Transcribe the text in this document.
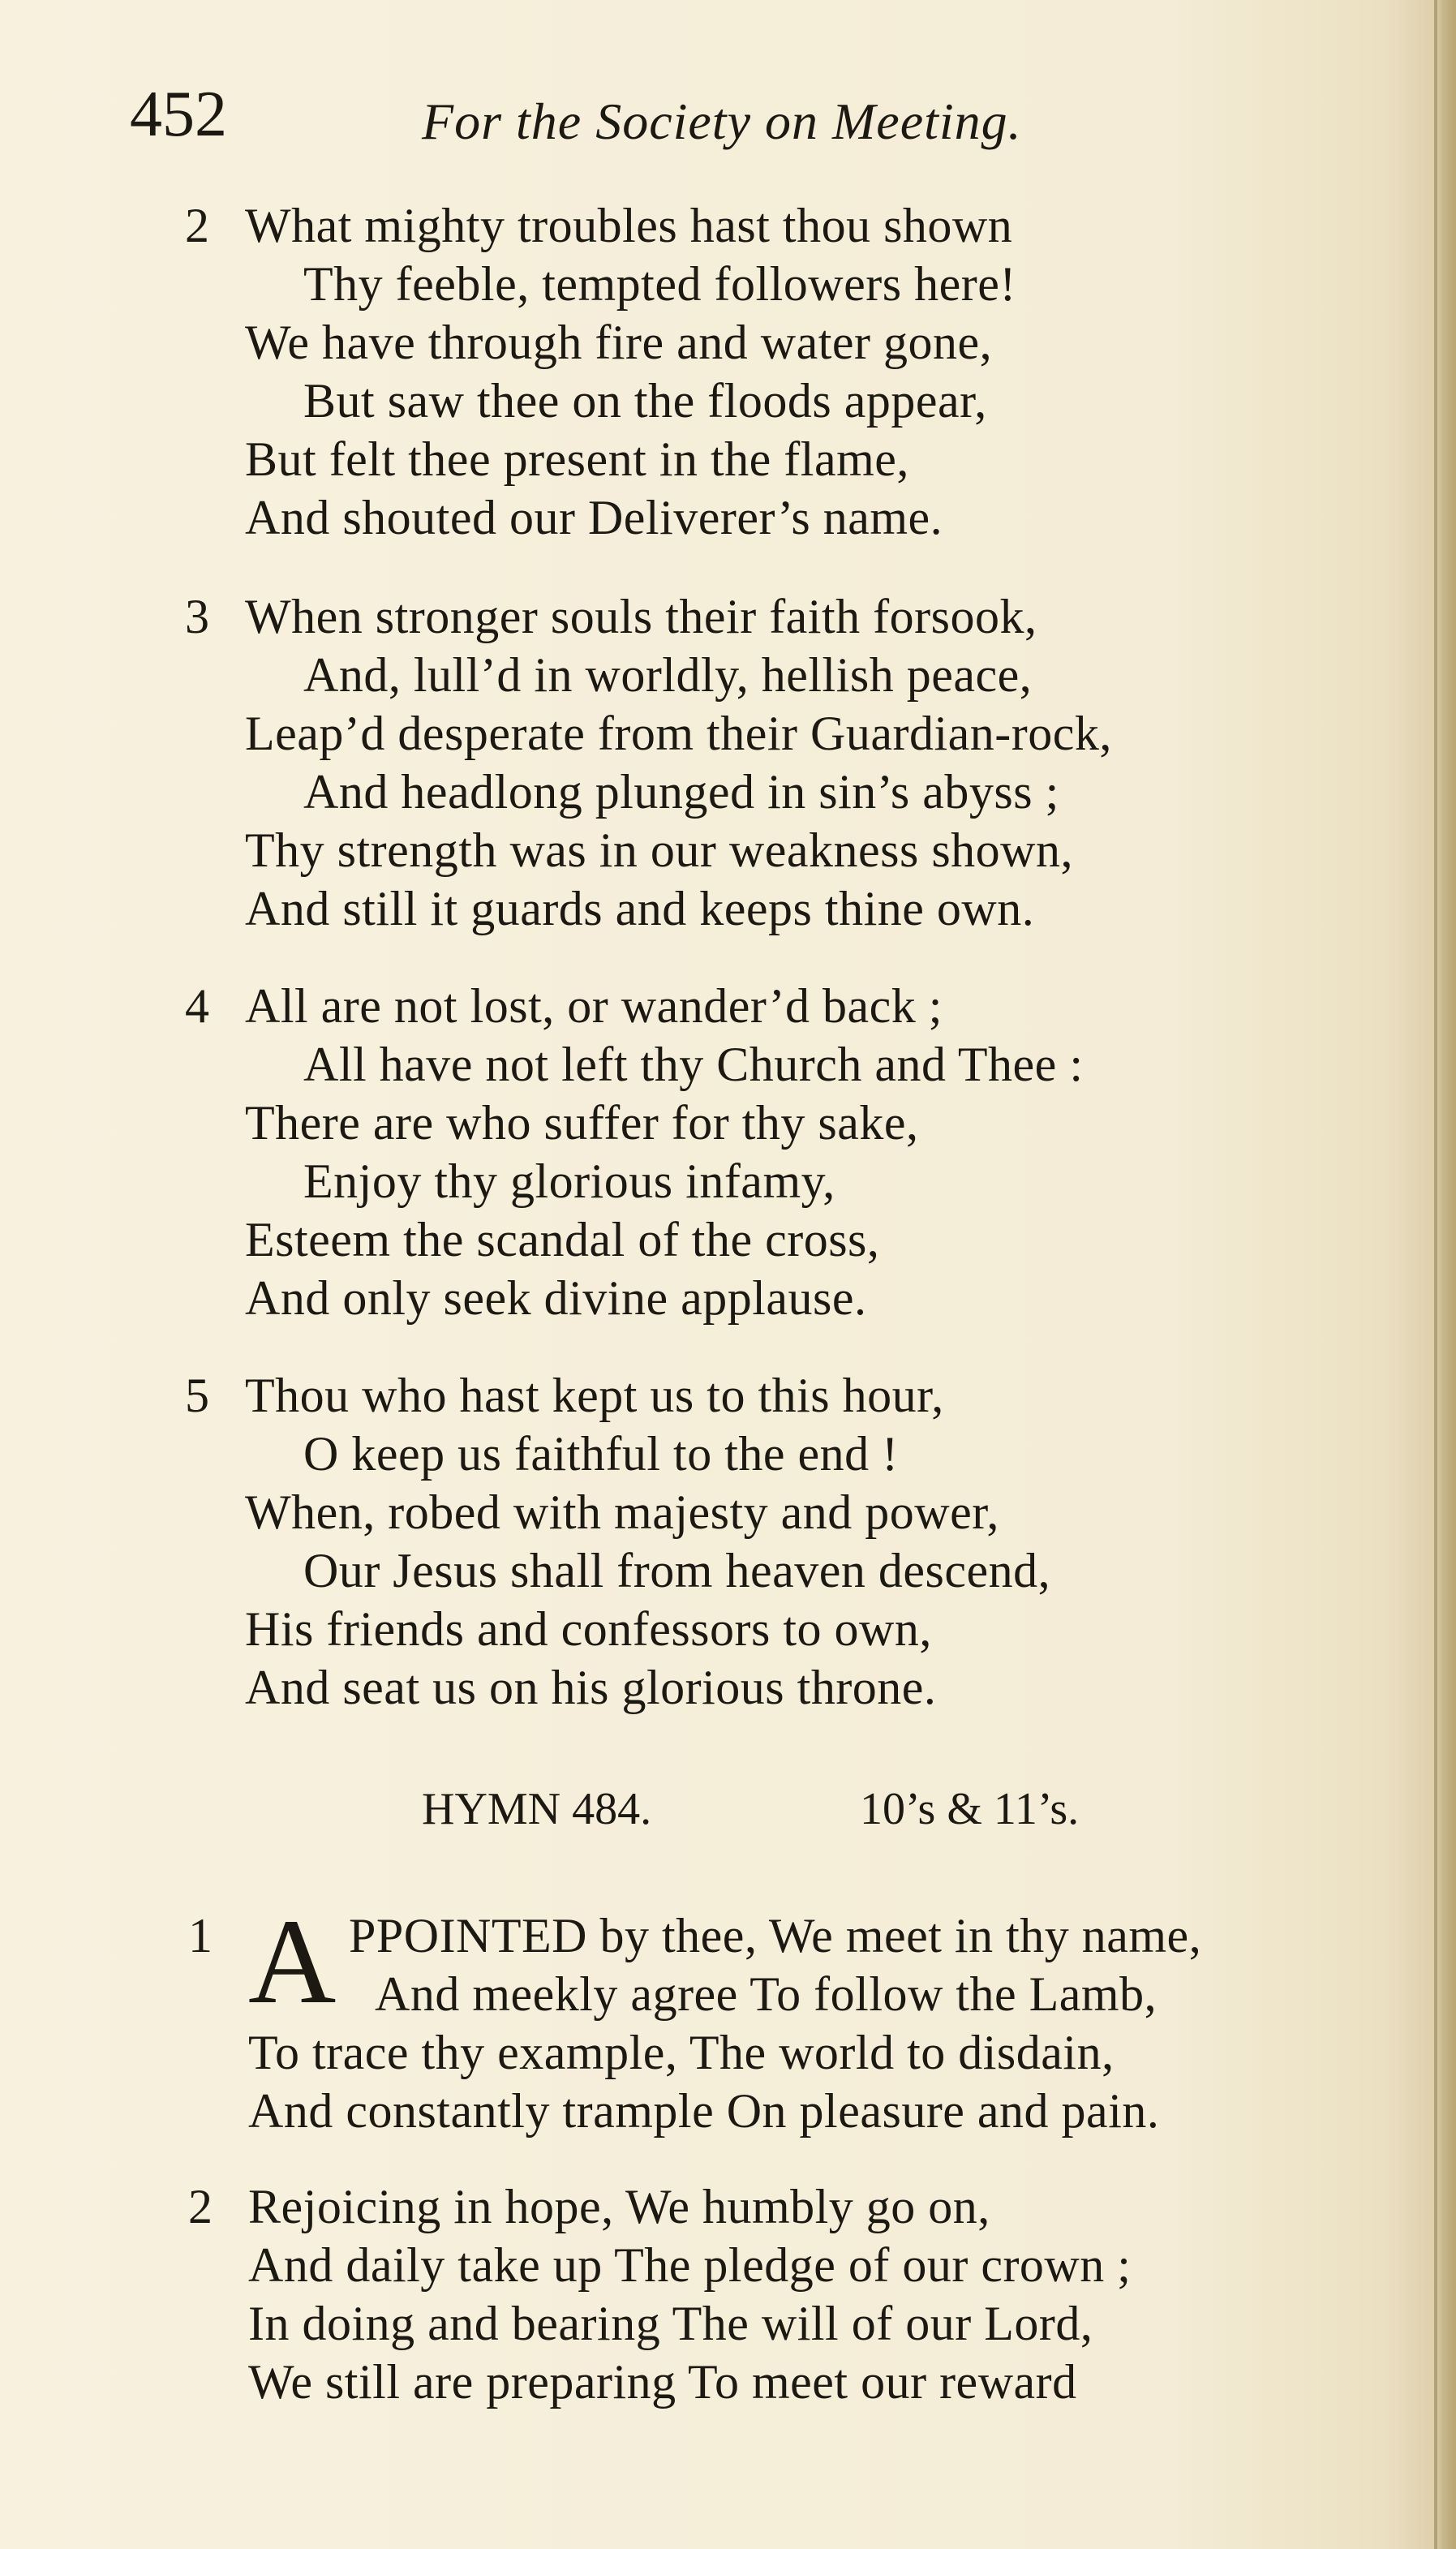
452	For the Society on Meeting.
2 What mighty troubles hast thou shown
Thy feeble, tempted followers here!
We have through fire and water gone,
But saw thee on the floods appear,
But felt thee present in the flame,
And shouted our Deliverer’s name.
3 When stronger souls their faith forsook,
And, lull’d in worldly, hellish peace,
Leap’d desperate from their Guardian-rock,
And headlong plunged in sin’s abyss ;
Thy strength was in our weakness shown,
And still it guards and keeps thine own.
4 All are not lost, or wander’d back ;
All have not left thy Church and Thee :
There are who suffer for thy sake,
Enjoy thy glorious infamy,
Esteem the scandal of the cross,
And only seek divine applause.
5 Thou who hast kept us to this hour,
O keep us faithful to the end !
When, robed with majesty and power,
Our Jesus shall from heaven descend,
His friends and confessors to own,
And seat us on his glorious throne.
HYMN 484.	10’s & 11’s.
1 A PPOINTED by thee, We meet in thy name,
And meekly agree To follow the Lamb,
To trace thy example, The world to disdain,
And constantly trample On pleasure and pain.
2 Rejoicing in hope, We humbly go on,
And daily take up The pledge of our crown ;
In doing and bearing The will of our Lord,
We still are preparing To meet our reward
